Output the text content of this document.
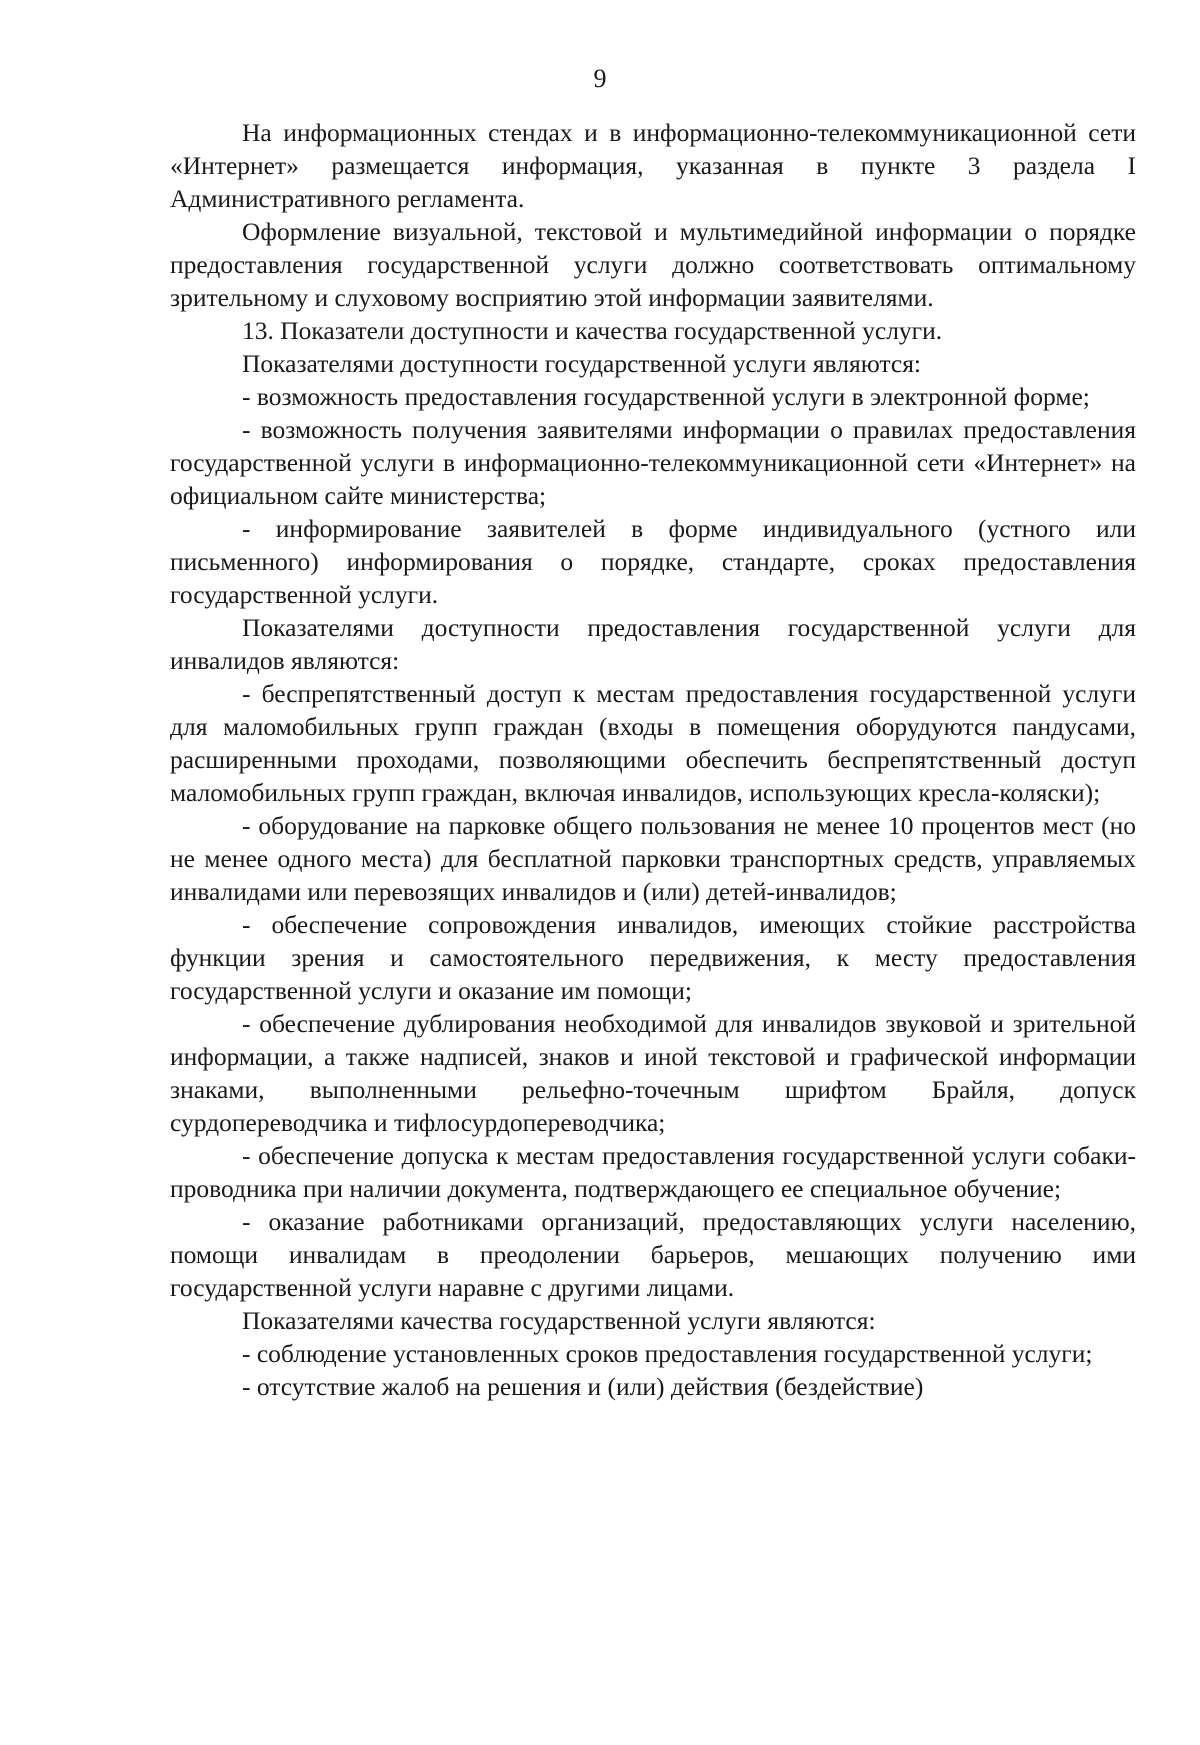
9

На информационных стендах и в информационно-телекоммуникационной сети «Интернет» размещается информация, указанная в пункте 3 раздела I Административного регламента.

Оформление визуальной, текстовой и мультимедийной информации о порядке предоставления государственной услуги должно соответствовать оптимальному зрительному и слуховому восприятию этой информации заявителями.

13. Показатели доступности и качества государственной услуги.

Показателями доступности государственной услуги являются:

- возможность предоставления государственной услуги в электронной форме;

- возможность получения заявителями информации о правилах предоставления государственной услуги в информационно-телекоммуникационной сети «Интернет» на официальном сайте министерства;

- информирование заявителей в форме индивидуального (устного или письменного) информирования о порядке, стандарте, сроках предоставления государственной услуги.

Показателями доступности предоставления государственной услуги для инвалидов являются:

- беспрепятственный доступ к местам предоставления государственной услуги для маломобильных групп граждан (входы в помещения оборудуются пандусами, расширенными проходами, позволяющими обеспечить беспрепятственный доступ маломобильных групп граждан, включая инвалидов, использующих кресла-коляски);

- оборудование на парковке общего пользования не менее 10 процентов мест (но не менее одного места) для бесплатной парковки транспортных средств, управляемых инвалидами или перевозящих инвалидов и (или) детей-инвалидов;

- обеспечение сопровождения инвалидов, имеющих стойкие расстройства функции зрения и самостоятельного передвижения, к месту предоставления государственной услуги и оказание им помощи;

- обеспечение дублирования необходимой для инвалидов звуковой и зрительной информации, а также надписей, знаков и иной текстовой и графической информации знаками, выполненными рельефно-точечным шрифтом Брайля, допуск сурдопереводчика и тифлосурдопереводчика;

- обеспечение допуска к местам предоставления государственной услуги собаки-проводника при наличии документа, подтверждающего ее специальное обучение;

- оказание работниками организаций, предоставляющих услуги населению, помощи инвалидам в преодолении барьеров, мешающих получению ими государственной услуги наравне с другими лицами.

Показателями качества государственной услуги являются:

- соблюдение установленных сроков предоставления государственной услуги;

- отсутствие жалоб на решения и (или) действия (бездействие)
